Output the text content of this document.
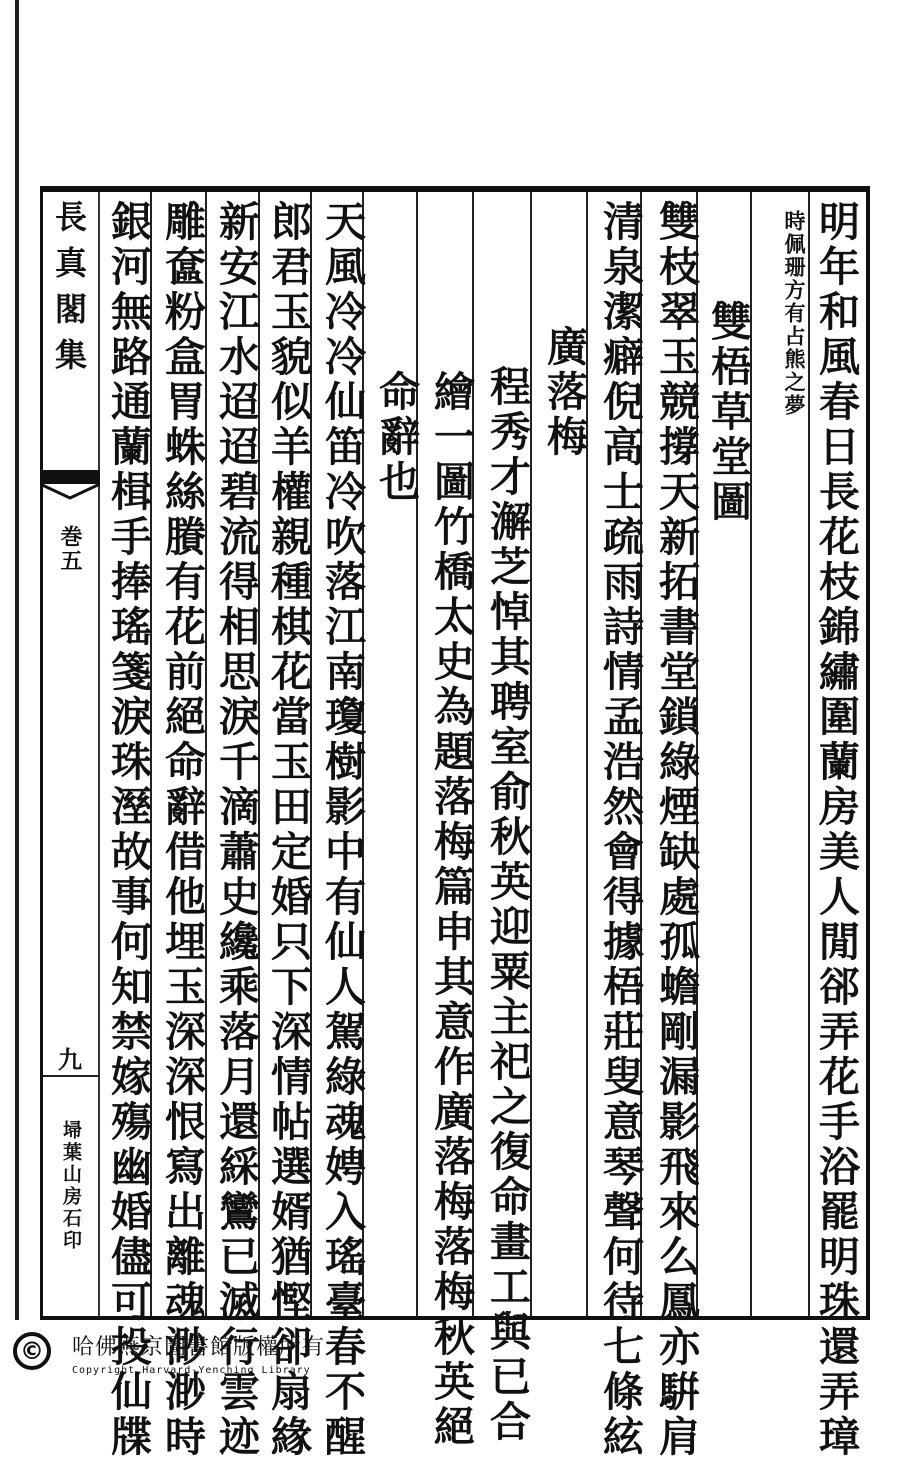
長真閣集
巻五
九
埽葉山房石印	明年和風春日長花枝錦繡圍蘭房美人閒郤弄花手浴罷明珠還弄璋
時佩珊方有占熊之夢
雙枝翠玉競撐天新拓書堂鎖綠煙缺處孤蟾剛漏影飛來么鳳亦騈肩 雙梧草堂圖
清泉潔癖倪高士疏雨詩情孟浩然會得據梧莊叟意琴聲何待七條絃
廣落梅
程秀才澥芝悼其聘室俞秋英迎粟主祀之復命畫工與已合
繪一圖竹橋太史為題落梅篇申其意作廣落梅落梅秋英絕
命辭也
天風冷冷仙笛冷吹落江南瓊樹影中有仙人駕綠魂娉入瑤臺春不醒
郎君玉貌似羊權親種棋花當玉田定婚只下深情帖選婿猶慳卻扇緣
新安江水迢迢碧流得相思淚千滴蕭史纔乘落月還綵鸞已滅行雲迹
雕奩粉盒胃蛛絲賸有花前絕命辭借他埋玉深深恨寫出離魂渺渺時
銀河無路通蘭楫手捧瑤箋淚珠溼故事何知禁嫁殤幽婚儘可投仙牒
©	哈佛燕京圖書館版權所有
Copyright Harvard-Yenching Library
